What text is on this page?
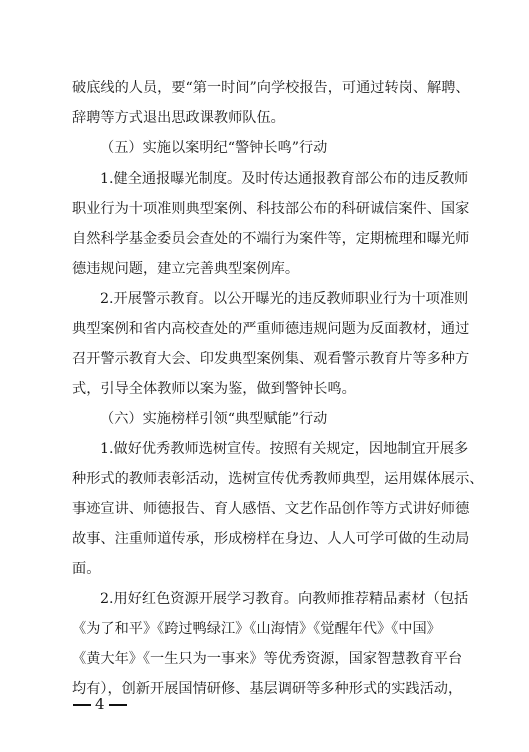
破底线的人员，要“第一时间”向学校报告，可通过转岗、解聘、
辞聘等方式退出思政课教师队伍。
（五）实施以案明纪“警钟长鸣”行动
1.健全通报曝光制度。及时传达通报教育部公布的违反教师
职业行为十项准则典型案例、科技部公布的科研诚信案件、国家
自然科学基金委员会查处的不端行为案件等，定期梳理和曝光师
德违规问题，建立完善典型案例库。
2.开展警示教育。以公开曝光的违反教师职业行为十项准则
典型案例和省内高校查处的严重师德违规问题为反面教材，通过
召开警示教育大会、印发典型案例集、观看警示教育片等多种方
式，引导全体教师以案为鉴，做到警钟长鸣。
（六）实施榜样引领“典型赋能”行动
1.做好优秀教师选树宣传。按照有关规定，因地制宜开展多
种形式的教师表彰活动，选树宣传优秀教师典型，运用媒体展示、
事迹宣讲、师德报告、育人感悟、文艺作品创作等方式讲好师德
故事、注重师道传承，形成榜样在身边、人人可学可做的生动局
面。
2.用好红色资源开展学习教育。向教师推荐精品素材（包括
《为了和平》《跨过鸭绿江》《山海情》《觉醒年代》《中国》
《黄大年》《一生只为一事来》等优秀资源，国家智慧教育平台
均有），创新开展国情研修、基层调研等多种形式的实践活动，
4
